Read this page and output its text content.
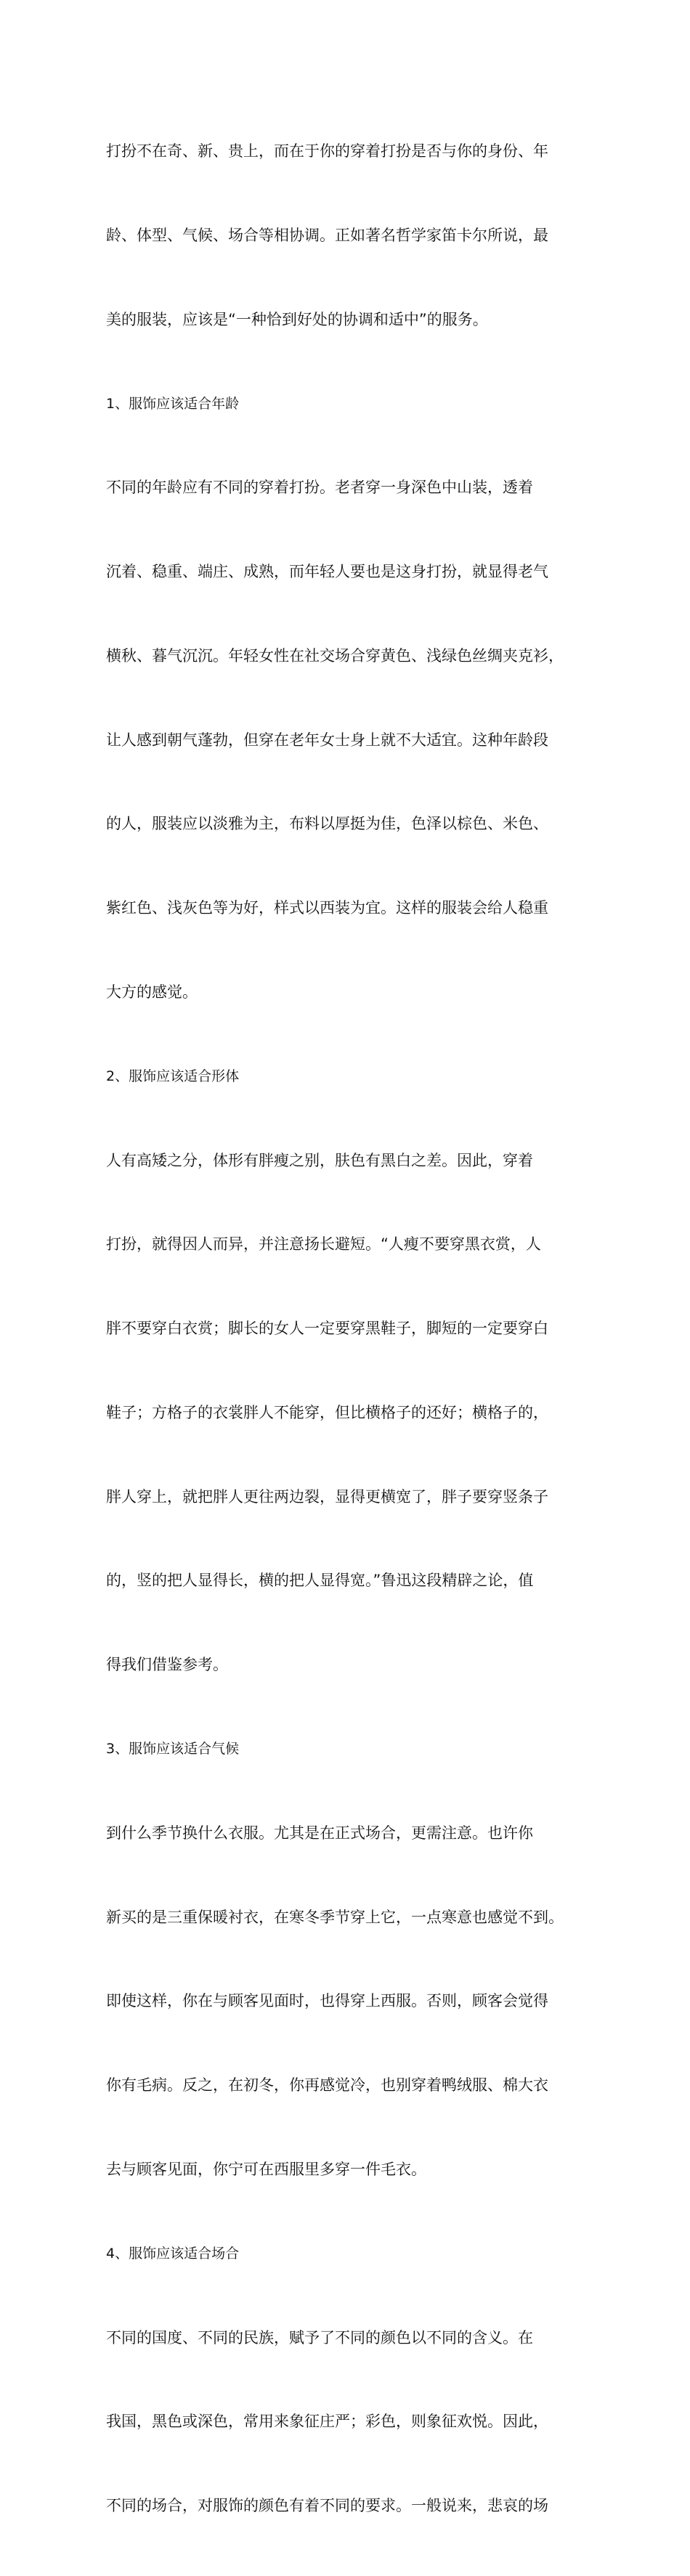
打扮不在奇、新、贵上，而在于你的穿着打扮是否与你的身份、年

龄、体型、气候、场合等相协调。正如著名哲学家笛卡尔所说，最

美的服装，应该是“一种恰到好处的协调和适中”的服务。

1、服饰应该适合年龄

不同的年龄应有不同的穿着打扮。老者穿一身深色中山装，透着

沉着、稳重、端庄、成熟，而年轻人要也是这身打扮，就显得老气

横秋、暮气沉沉。年轻女性在社交场合穿黄色、浅绿色丝绸夹克衫，

让人感到朝气蓬勃，但穿在老年女士身上就不大适宜。这种年龄段

的人，服装应以淡雅为主，布料以厚挺为佳，色泽以棕色、米色、

紫红色、浅灰色等为好，样式以西装为宜。这样的服装会给人稳重

大方的感觉。

2、服饰应该适合形体

人有高矮之分，体形有胖瘦之别，肤色有黑白之差。因此，穿着

打扮，就得因人而异，并注意扬长避短。“人瘦不要穿黑衣赏，人

胖不要穿白衣赏；脚长的女人一定要穿黑鞋子，脚短的一定要穿白

鞋子；方格子的衣裳胖人不能穿，但比横格子的还好；横格子的，

胖人穿上，就把胖人更往两边裂，显得更横宽了，胖子要穿竖条子

的，竖的把人显得长，横的把人显得宽。”鲁迅这段精辟之论，值

得我们借鉴参考。

3、服饰应该适合气候

到什么季节换什么衣服。尤其是在正式场合，更需注意。也许你

新买的是三重保暖衬衣，在寒冬季节穿上它，一点寒意也感觉不到。

即使这样，你在与顾客见面时，也得穿上西服。否则，顾客会觉得

你有毛病。反之，在初冬，你再感觉冷，也别穿着鸭绒服、棉大衣

去与顾客见面，你宁可在西服里多穿一件毛衣。

4、服饰应该适合场合

不同的国度、不同的民族，赋予了不同的颜色以不同的含义。在

我国，黑色或深色，常用来象征庄严；彩色，则象征欢悦。因此，

不同的场合，对服饰的颜色有着不同的要求。一般说来，悲哀的场
